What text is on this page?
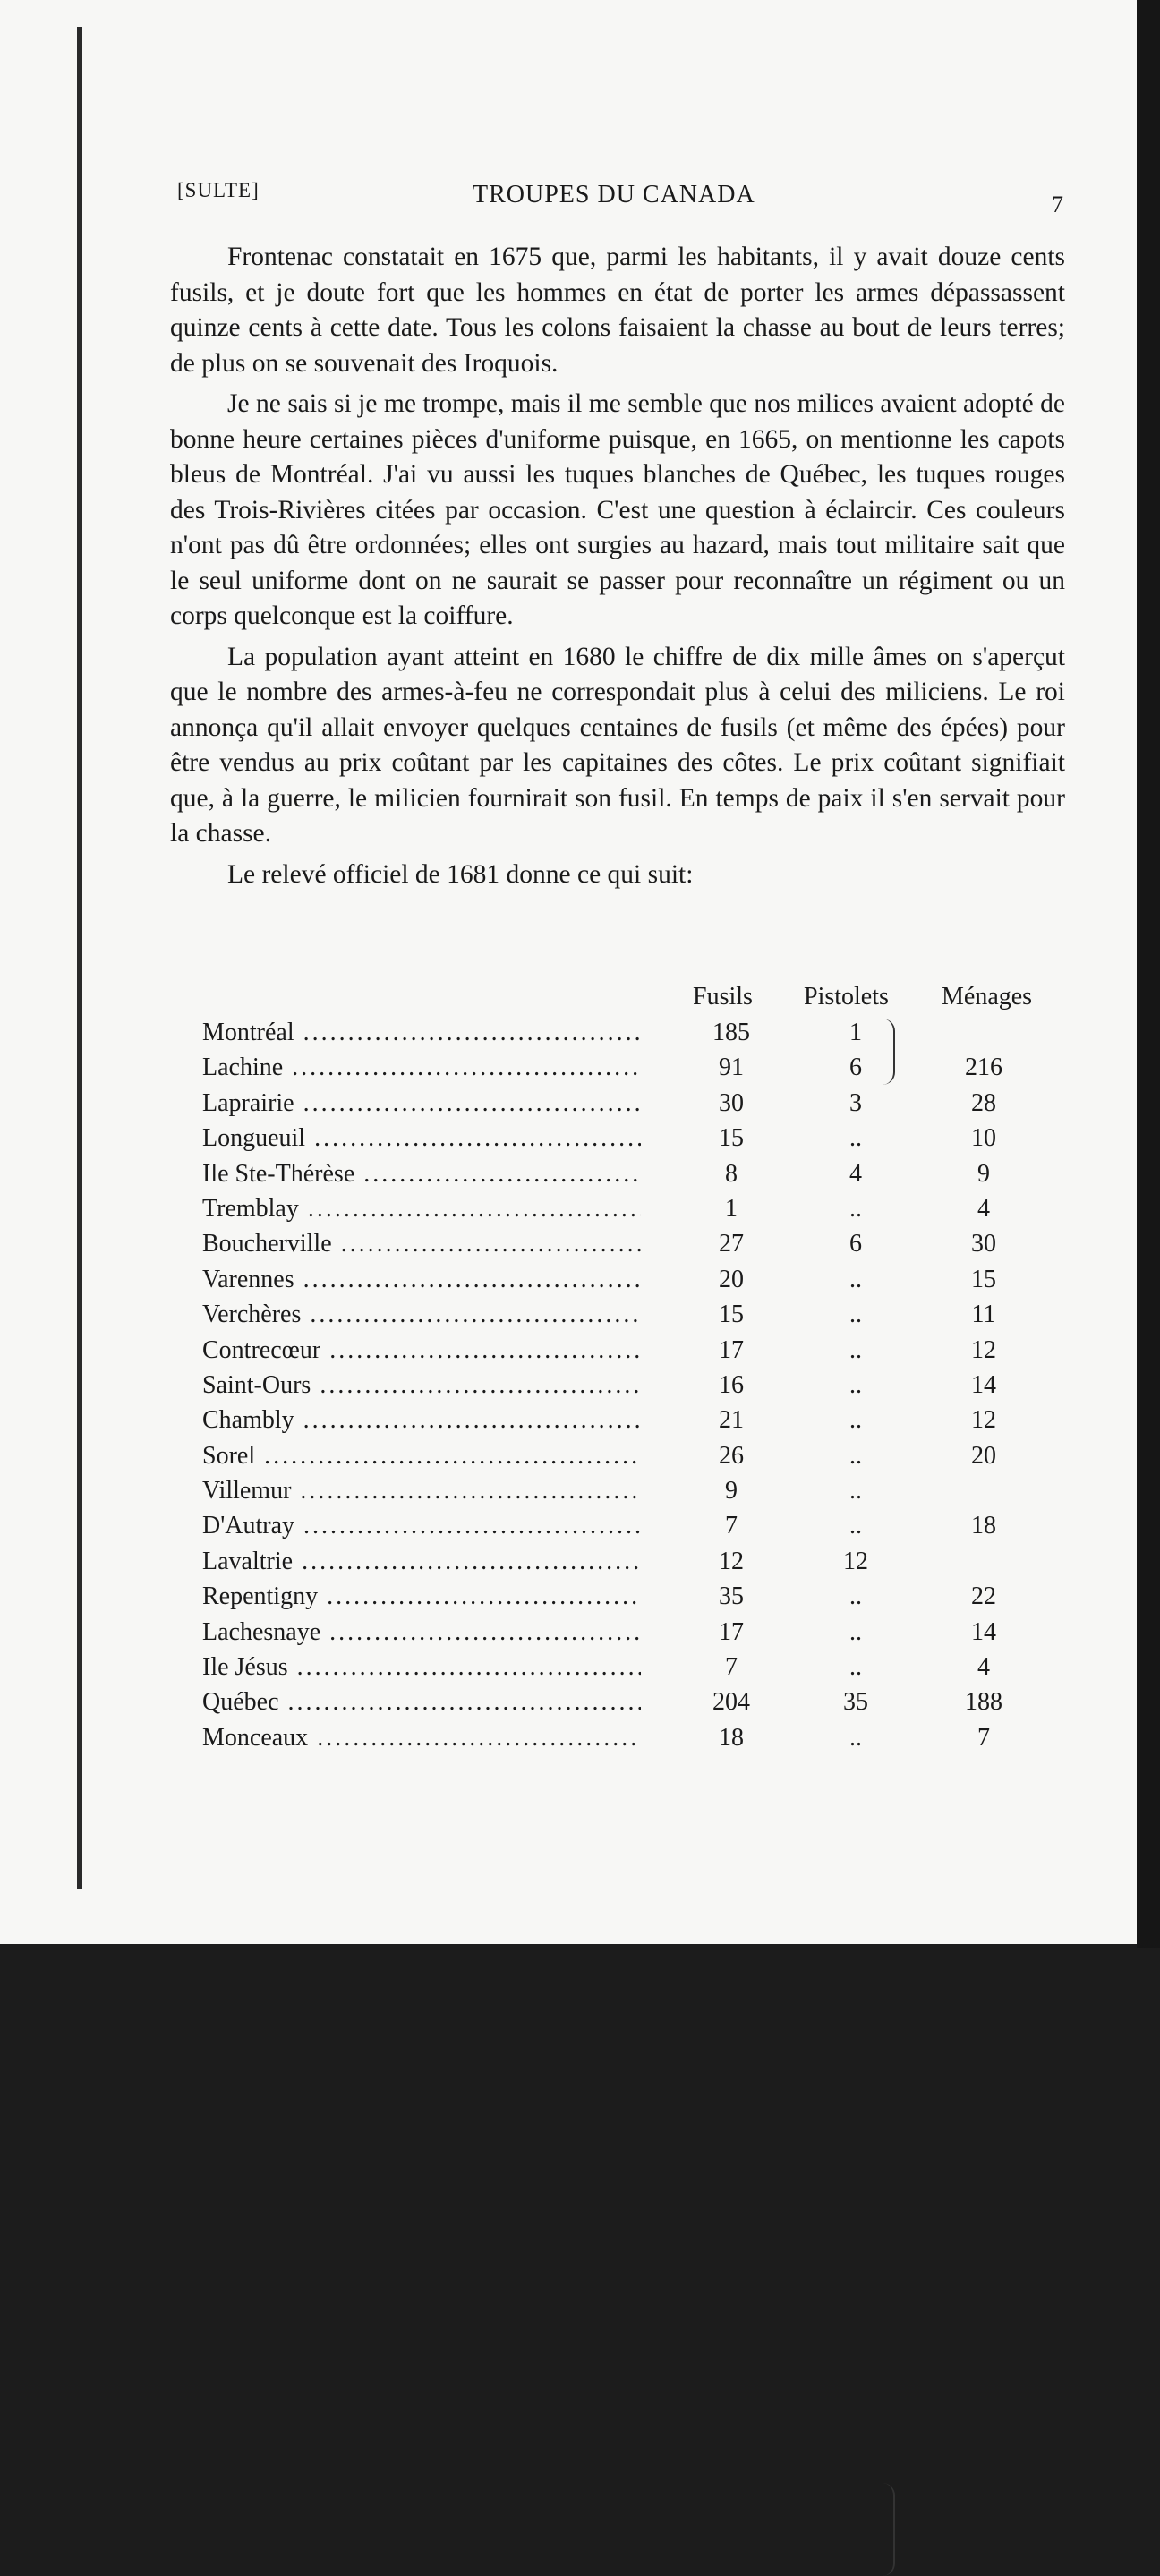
[SULTE]	TROUPES DU CANADA	7

Frontenac constatait en 1675 que, parmi les habitants, il y avait douze cents fusils, et je doute fort que les hommes en état de porter les armes dépassassent quinze cents à cette date. Tous les colons faisaient la chasse au bout de leurs terres; de plus on se souvenait des Iroquois.

Je ne sais si je me trompe, mais il me semble que nos milices avaient adopté de bonne heure certaines pièces d'uniforme puisque, en 1665, on mentionne les capots bleus de Montréal. J'ai vu aussi les tuques blanches de Québec, les tuques rouges des Trois-Rivières citées par occasion. C'est une question à éclaircir. Ces couleurs n'ont pas dû être ordonnées; elles ont surgies au hazard, mais tout militaire sait que le seul uniforme dont on ne saurait se passer pour reconnaître un régiment ou un corps quelconque est la coiffure.

La population ayant atteint en 1680 le chiffre de dix mille âmes on s'aperçut que le nombre des armes-à-feu ne correspondait plus à celui des miliciens. Le roi annonça qu'il allait envoyer quelques centaines de fusils (et même des épées) pour être vendus au prix coûtant par les capitaines des côtes. Le prix coûtant signifiait que, à la guerre, le milicien fournirait son fusil. En temps de paix il s'en servait pour la chasse.

Le relevé officiel de 1681 donne ce qui suit:

Fusils Pistolets Ménages
Montréal .....	185	1
Lachine .....	91	6	216
Laprairie .....	30	3	28
Longueuil .....	15	..	10
Ile Ste-Thérèse .....	8	4	9
Tremblay .....	1	..	4
Boucherville .....	27	6	30
Varennes .....	20	..	15
Verchères .....	15	..	11
Contrecœur .....	17	..	12
Saint-Ours .....	16	..	14
Chambly .....	21	..	12
Sorel .....	26	..	20
Villemur .....	9	..
D'Autray .....	7	..	18
Lavaltrie .....	12	12
Repentigny .....	35	..	22
Lachesnaye .....	17	..	14
Ile Jésus .....	7	..	4
Québec .....	204	35	188
Monceaux .....	18	..	7
